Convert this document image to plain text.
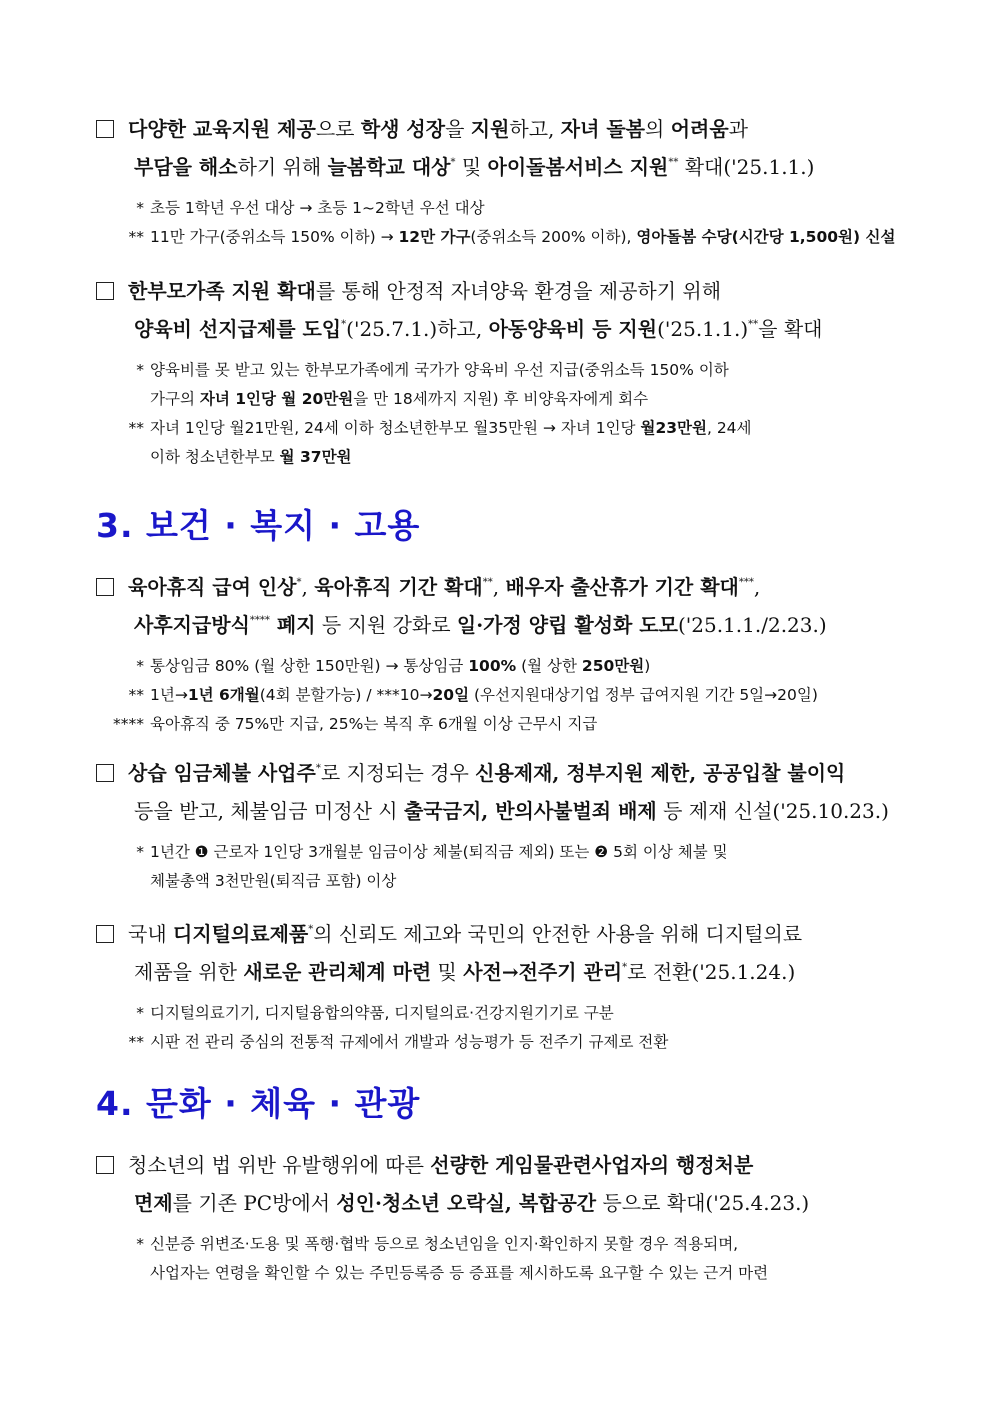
다양한 교육지원 제공으로 학생 성장을 지원하고, 자녀 돌봄의 어려움과
부담을 해소하기 위해 늘봄학교 대상* 및 아이돌봄서비스 지원** 확대('25.1.1.)

* 초등 1학년 우선 대상 → 초등 1~2학년 우선 대상

** 11만 가구(중위소득 150% 이하) → 12만 가구(중위소득 200% 이하), 영아돌봄 수당(시간당 1,500원) 신설

한부모가족 지원 확대를 통해 안정적 자녀양육 환경을 제공하기 위해
양육비 선지급제를 도입*('25.7.1.)하고, 아동양육비 등 지원('25.1.1.)**을 확대

* 양육비를 못 받고 있는 한부모가족에게 국가가 양육비 우선 지급(중위소득 150% 이하
가구의 자녀 1인당 월 20만원을 만 18세까지 지원) 후 비양육자에게 회수

** 자녀 1인당 월21만원, 24세 이하 청소년한부모 월35만원 → 자녀 1인당 월23만원, 24세
이하 청소년한부모 월 37만원

3. 보건 · 복지 · 고용

육아휴직 급여 인상*, 육아휴직 기간 확대**, 배우자 출산휴가 기간 확대***,
사후지급방식**** 폐지 등 지원 강화로 일·가정 양립 활성화 도모('25.1.1./2.23.)

* 통상임금 80% (월 상한 150만원) → 통상임금 100% (월 상한 250만원)

** 1년→1년 6개월(4회 분할가능) / ***10→20일 (우선지원대상기업 정부 급여지원 기간 5일→20일)

**** 육아휴직 중 75%만 지급, 25%는 복직 후 6개월 이상 근무시 지급

상습 임금체불 사업주*로 지정되는 경우 신용제재, 정부지원 제한, 공공입찰 불이익
등을 받고, 체불임금 미정산 시 출국금지, 반의사불벌죄 배제 등 제재 신설('25.10.23.)

* 1년간 ❶ 근로자 1인당 3개월분 임금이상 체불(퇴직금 제외) 또는 ❷ 5회 이상 체불 및
체불총액 3천만원(퇴직금 포함) 이상

국내 디지털의료제품*의 신뢰도 제고와 국민의 안전한 사용을 위해 디지털의료
제품을 위한 새로운 관리체계 마련 및 사전→전주기 관리*로 전환('25.1.24.)

* 디지털의료기기, 디지털융합의약품, 디지털의료·건강지원기기로 구분

** 시판 전 관리 중심의 전통적 규제에서 개발과 성능평가 등 전주기 규제로 전환

4. 문화 · 체육 · 관광

청소년의 법 위반 유발행위에 따른 선량한 게임물관련사업자의 행정처분
면제를 기존 PC방에서 성인·청소년 오락실, 복합공간 등으로 확대('25.4.23.)

* 신분증 위변조·도용 및 폭행·협박 등으로 청소년임을 인지·확인하지 못할 경우 적용되며,
사업자는 연령을 확인할 수 있는 주민등록증 등 증표를 제시하도록 요구할 수 있는 근거 마련
